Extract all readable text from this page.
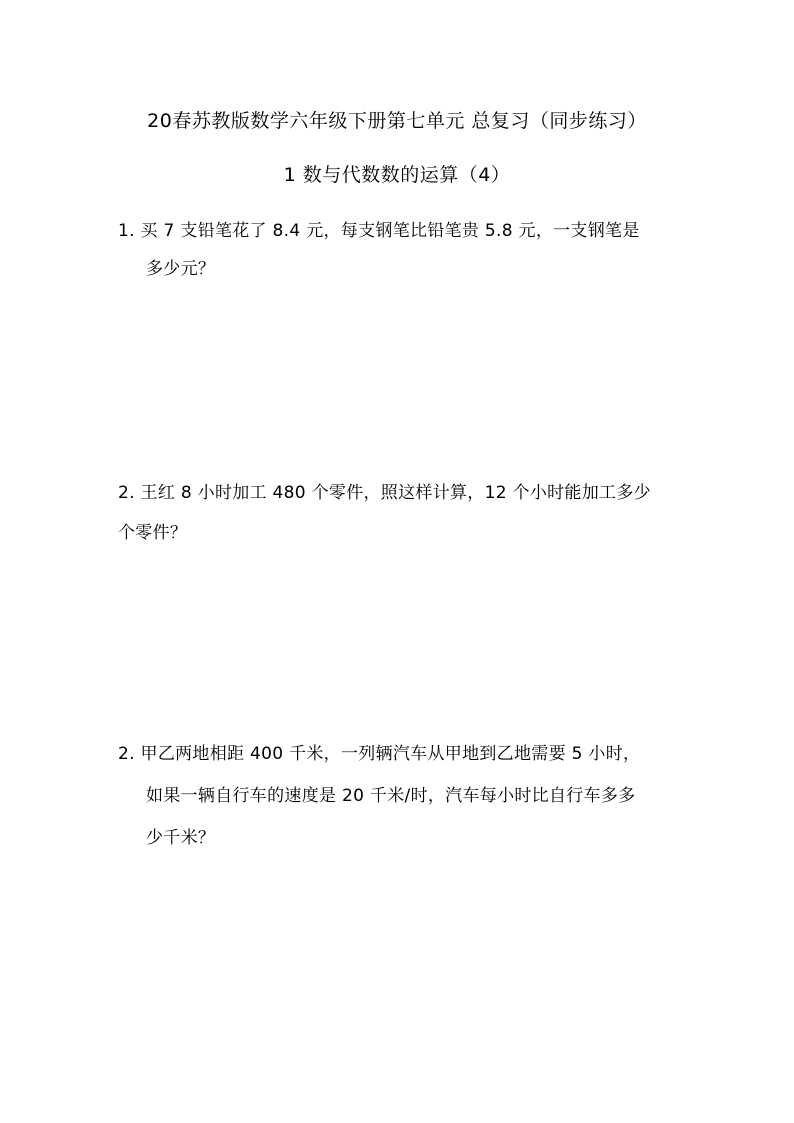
20春苏教版数学六年级下册第七单元 总复习（同步练习）
1 数与代数数的运算（4）
1. 买 7 支铅笔花了 8.4 元，每支钢笔比铅笔贵 5.8 元，一支钢笔是
多少元？
2. 王红 8 小时加工 480 个零件，照这样计算，12 个小时能加工多少
个零件？
2. 甲乙两地相距 400 千米，一列辆汽车从甲地到乙地需要 5 小时，
如果一辆自行车的速度是 20 千米/时，汽车每小时比自行车多多
少千米？
